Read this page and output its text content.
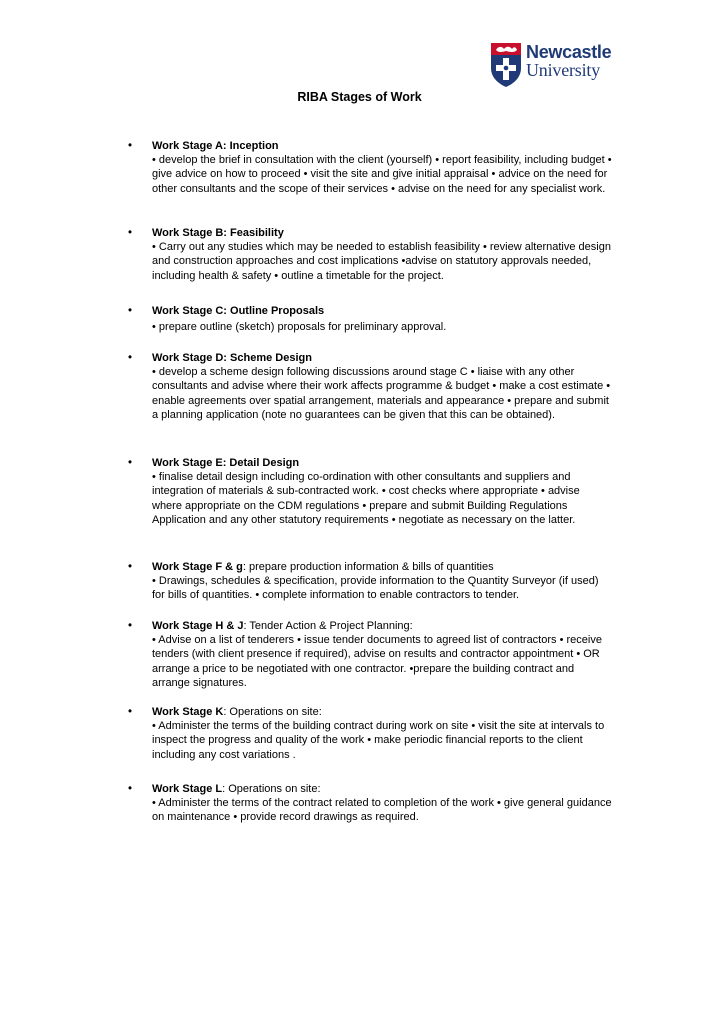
Newcastle
University
RIBA Stages of Work
• Work Stage A: Inception

• develop the brief in consultation with the client (yourself) • report feasibility, including budget • give advice on how to proceed • visit the site and give initial appraisal • advice on the need for other consultants and the scope of their services • advise on the need for any specialist work.

• Work Stage B: Feasibility

• Carry out any studies which may be needed to establish feasibility • review alternative design and construction approaches and cost implications •advise on statutory approvals needed, including health & safety • outline a timetable for the project.

• Work Stage C: Outline Proposals

• prepare outline (sketch) proposals for preliminary approval.

• Work Stage D: Scheme Design

• develop a scheme design following discussions around stage C • liaise with any other consultants and advise where their work affects programme & budget • make a cost estimate • enable agreements over spatial arrangement, materials and appearance • prepare and submit a planning application (note no guarantees can be given that this can be obtained).

• Work Stage E: Detail Design

• finalise detail design including co-ordination with other consultants and suppliers and integration of materials & sub-contracted work. • cost checks where appropriate • advise where appropriate on the CDM regulations • prepare and submit Building Regulations Application and any other statutory requirements • negotiate as necessary on the latter.

• Work Stage F & g: prepare production information & bills of quantities

• Drawings, schedules & specification, provide information to the Quantity Surveyor (if used) for bills of quantities. • complete information to enable contractors to tender.

• Work Stage H & J: Tender Action & Project Planning:

• Advise on a list of tenderers • issue tender documents to agreed list of contractors • receive tenders (with client presence if required), advise on results and contractor appointment • OR arrange a price to be negotiated with one contractor. •prepare the building contract and arrange signatures.

• Work Stage K: Operations on site:

• Administer the terms of the building contract during work on site • visit the site at intervals to inspect the progress and quality of the work • make periodic financial reports to the client including any cost variations .

• Work Stage L: Operations on site:

• Administer the terms of the contract related to completion of the work • give general guidance on maintenance • provide record drawings as required.
